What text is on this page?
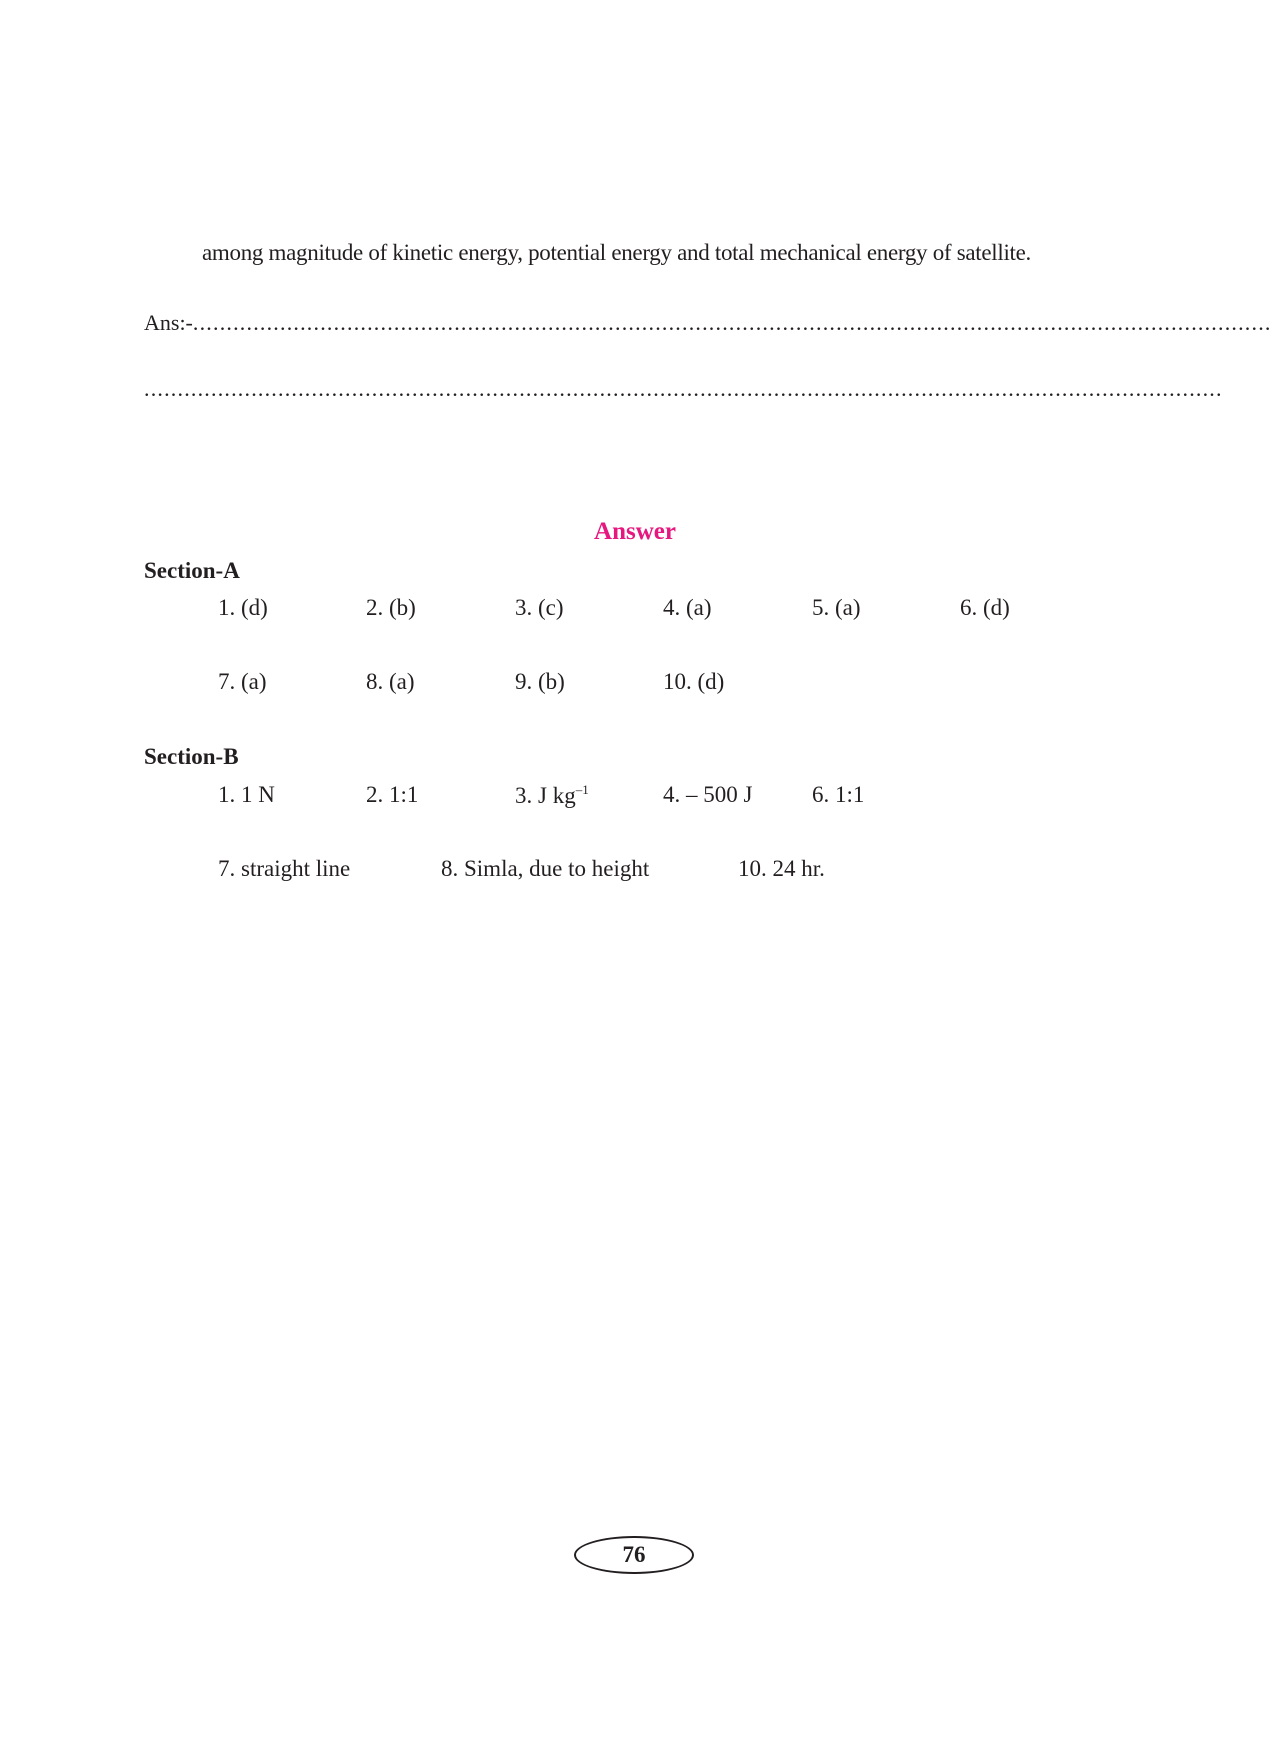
among magnitude of kinetic energy, potential energy and total mechanical energy of satellite.
Ans:-.................................................................................................................................................................
.................................................................................................................................................................
Answer
Section-A
1. (d)	2. (b)	3. (c)	4. (a)	5. (a)	6. (d)
7. (a)	8. (a)	9. (b)	10. (d)
Section-B
1. 1 N	2. 1:1	3. J $kg^{-1}$	4. – 500 J	6. 1:1
7. straight line	8. Simla, due to height	10. 24 hr.
76
